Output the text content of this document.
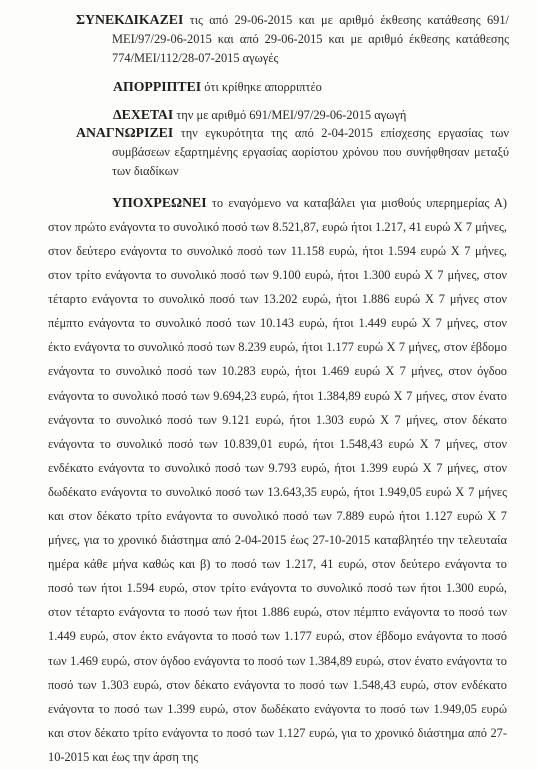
ΣΥΝΕΚΔΙΚΑΖΕΙ τις από 29-06-2015 και με αριθμό έκθεσης κατάθεσης 691/ΜΕΙ/97/29-06-2015 και από 29-06-2015 και με αριθμό έκθεσης κατάθεσης 774/ΜΕΙ/112/28-07-2015 αγωγές

ΑΠΟΡΡΙΠΤΕΙ ότι κρίθηκε απορριπτέο

ΔΕΧΕΤΑΙ την με αριθμό 691/ΜΕΙ/97/29-06-2015 αγωγή

ΑΝΑΓΝΩΡΙΖΕΙ την εγκυρότητα της από 2-04-2015 επίσχεσης εργασίας των συμβάσεων εξαρτημένης εργασίας αορίστου χρόνου που συνήφθησαν μεταξύ των διαδίκων

ΥΠΟΧΡΕΩΝΕΙ το εναγόμενο να καταβάλει για μισθούς υπερημερίας Α) στον πρώτο ενάγοντα το συνολικό ποσό των 8.521,87, ευρώ ήτοι 1.217, 41 ευρώ Χ 7 μήνες, στον δεύτερο ενάγοντα το συνολικό ποσό των 11.158 ευρώ, ήτοι 1.594 ευρώ Χ 7 μήνες, στον τρίτο ενάγοντα το συνολικό ποσό των 9.100 ευρώ, ήτοι 1.300 ευρώ Χ 7 μήνες, στον τέταρτο ενάγοντα το συνολικό ποσό των 13.202 ευρώ, ήτοι 1.886 ευρώ Χ 7 μήνες στον πέμπτο ενάγοντα το συνολικό ποσό των 10.143 ευρώ, ήτοι 1.449 ευρώ Χ 7 μήνες, στον έκτο ενάγοντα το συνολικό ποσό των 8.239 ευρώ, ήτοι 1.177 ευρώ Χ 7 μήνες, στον έβδομο ενάγοντα το συνολικό ποσό των 10.283 ευρώ, ήτοι 1.469 ευρώ Χ 7 μήνες, στον όγδοο ενάγοντα το συνολικό ποσό των 9.694,23 ευρώ, ήτοι 1.384,89 ευρώ Χ 7 μήνες, στον ένατο ενάγοντα το συνολικό ποσό των 9.121 ευρώ, ήτοι 1.303 ευρώ Χ 7 μήνες, στον δέκατο ενάγοντα το συνολικό ποσό των 10.839,01 ευρώ, ήτοι 1.548,43 ευρώ Χ 7 μήνες, στον ενδέκατο ενάγοντα το συνολικό ποσό των 9.793 ευρώ, ήτοι 1.399 ευρώ Χ 7 μήνες, στον δωδέκατο ενάγοντα το συνολικό ποσό των 13.643,35 ευρώ, ήτοι 1.949,05 ευρώ Χ 7 μήνες και στον δέκατο τρίτο ενάγοντα το συνολικό ποσό των 7.889 ευρώ ήτοι 1.127 ευρώ Χ 7 μήνες, για το χρονικό διάστημα από 2-04-2015 έως 27-10-2015 καταβλητέο την τελευταία ημέρα κάθε μήνα καθώς και β) το ποσό των 1.217, 41 ευρώ, στον δεύτερο ενάγοντα το ποσό των ήτοι 1.594 ευρώ, στον τρίτο ενάγοντα το συνολικό ποσό των ήτοι 1.300 ευρώ, στον τέταρτο ενάγοντα το ποσό των ήτοι 1.886 ευρώ, στον πέμπτο ενάγοντα το ποσό των 1.449 ευρώ, στον έκτο ενάγοντα το ποσό των 1.177 ευρώ, στον έβδομο ενάγοντα το ποσό των 1.469 ευρώ, στον όγδοο ενάγοντα το ποσό των 1.384,89 ευρώ, στον ένατο ενάγοντα το ποσό των 1.303 ευρώ, στον δέκατο ενάγοντα το ποσό των 1.548,43 ευρώ, στον ενδέκατο ενάγοντα το ποσό των 1.399 ευρώ, στον δωδέκατο ενάγοντα το ποσό των 1.949,05 ευρώ και στον δέκατο τρίτο ενάγοντα το ποσό των 1.127 ευρώ, για το χρονικό διάστημα από 27-10-2015 και έως την άρση της
